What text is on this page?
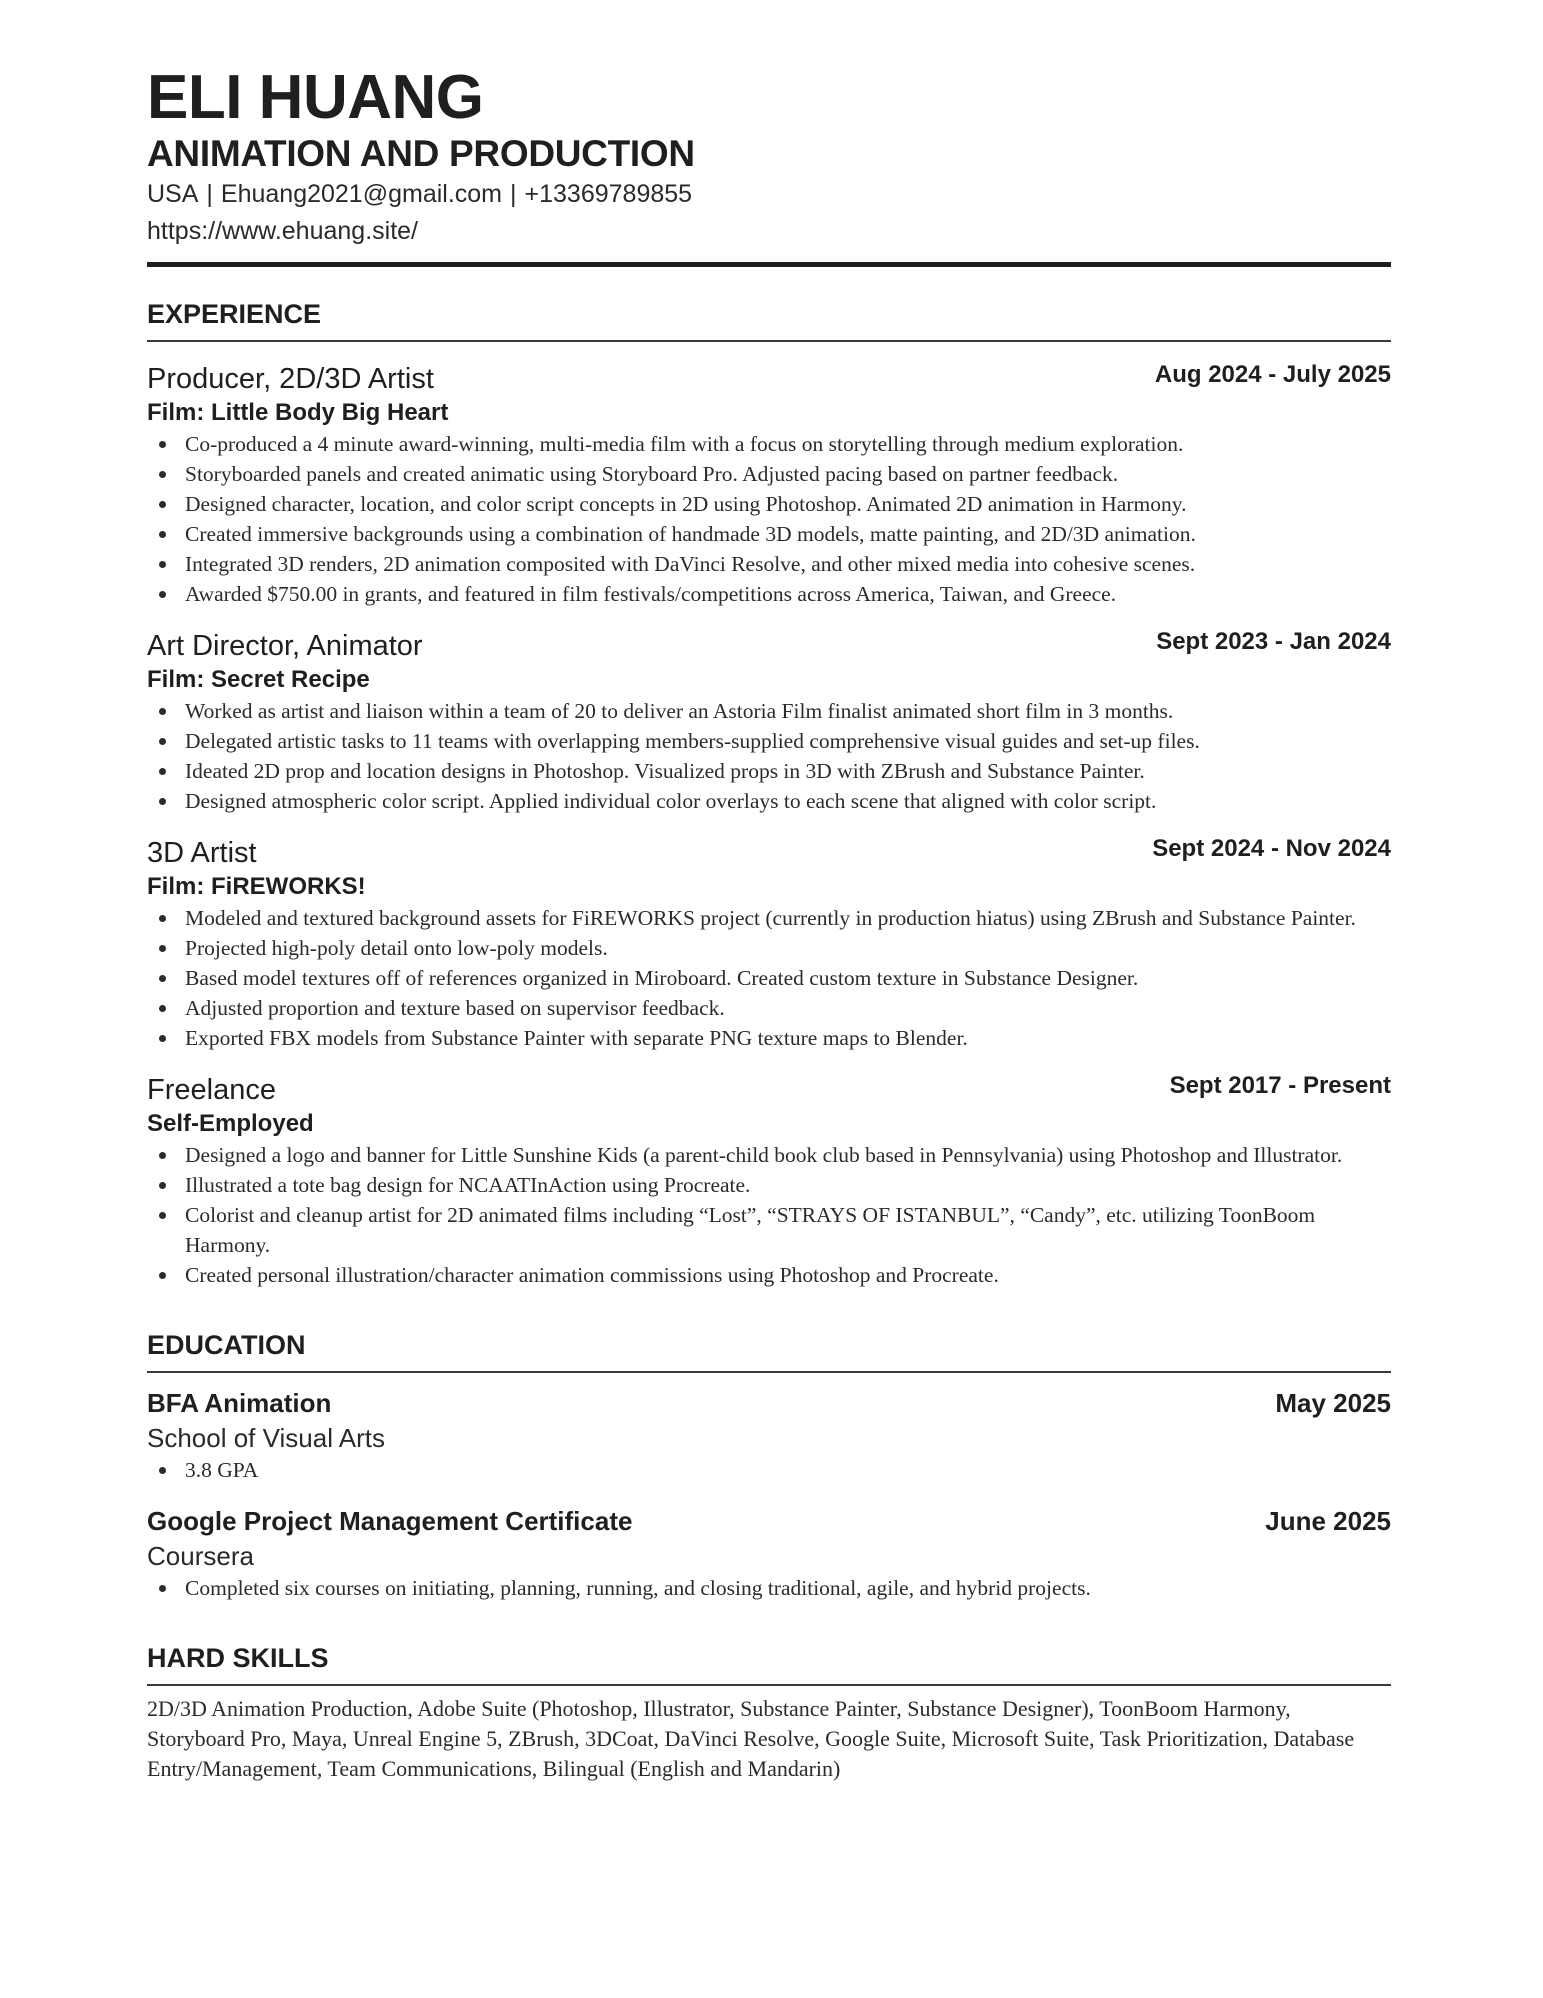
ELI HUANG
ANIMATION AND PRODUCTION
USA | Ehuang2021@gmail.com | +13369789855
https://www.ehuang.site/
EXPERIENCE
Producer, 2D/3D Artist	Aug 2024 - July 2025
Film: Little Body Big Heart
Co-produced a 4 minute award-winning, multi-media film with a focus on storytelling through medium exploration.
Storyboarded panels and created animatic using Storyboard Pro. Adjusted pacing based on partner feedback.
Designed character, location, and color script concepts in 2D using Photoshop. Animated 2D animation in Harmony.
Created immersive backgrounds using a combination of handmade 3D models, matte painting, and 2D/3D animation.
Integrated 3D renders, 2D animation composited with DaVinci Resolve, and other mixed media into cohesive scenes.
Awarded $750.00 in grants, and featured in film festivals/competitions across America, Taiwan, and Greece.
Art Director, Animator	Sept 2023 - Jan 2024
Film: Secret Recipe
Worked as artist and liaison within a team of 20 to deliver an Astoria Film finalist animated short film in 3 months.
Delegated artistic tasks to 11 teams with overlapping members-supplied comprehensive visual guides and set-up files.
Ideated 2D prop and location designs in Photoshop. Visualized props in 3D with ZBrush and Substance Painter.
Designed atmospheric color script. Applied individual color overlays to each scene that aligned with color script.
3D Artist	Sept 2024 - Nov 2024
Film: FiREWORKS!
Modeled and textured background assets for FiREWORKS project (currently in production hiatus) using ZBrush and Substance Painter.
Projected high-poly detail onto low-poly models.
Based model textures off of references organized in Miroboard. Created custom texture in Substance Designer.
Adjusted proportion and texture based on supervisor feedback.
Exported FBX models from Substance Painter with separate PNG texture maps to Blender.
Freelance	Sept 2017 - Present
Self-Employed
Designed a logo and banner for Little Sunshine Kids (a parent-child book club based in Pennsylvania) using Photoshop and Illustrator.
Illustrated a tote bag design for NCAATInAction using Procreate.
Colorist and cleanup artist for 2D animated films including “Lost”, “STRAYS OF ISTANBUL”, “Candy”, etc. utilizing ToonBoom Harmony.
Created personal illustration/character animation commissions using Photoshop and Procreate.
EDUCATION
BFA Animation	May 2025
School of Visual Arts
3.8 GPA
Google Project Management Certificate	June 2025
Coursera
Completed six courses on initiating, planning, running, and closing traditional, agile, and hybrid projects.
HARD SKILLS
2D/3D Animation Production, Adobe Suite (Photoshop, Illustrator, Substance Painter, Substance Designer), ToonBoom Harmony, Storyboard Pro, Maya, Unreal Engine 5, ZBrush, 3DCoat, DaVinci Resolve, Google Suite, Microsoft Suite, Task Prioritization, Database Entry/Management, Team Communications, Bilingual (English and Mandarin)
